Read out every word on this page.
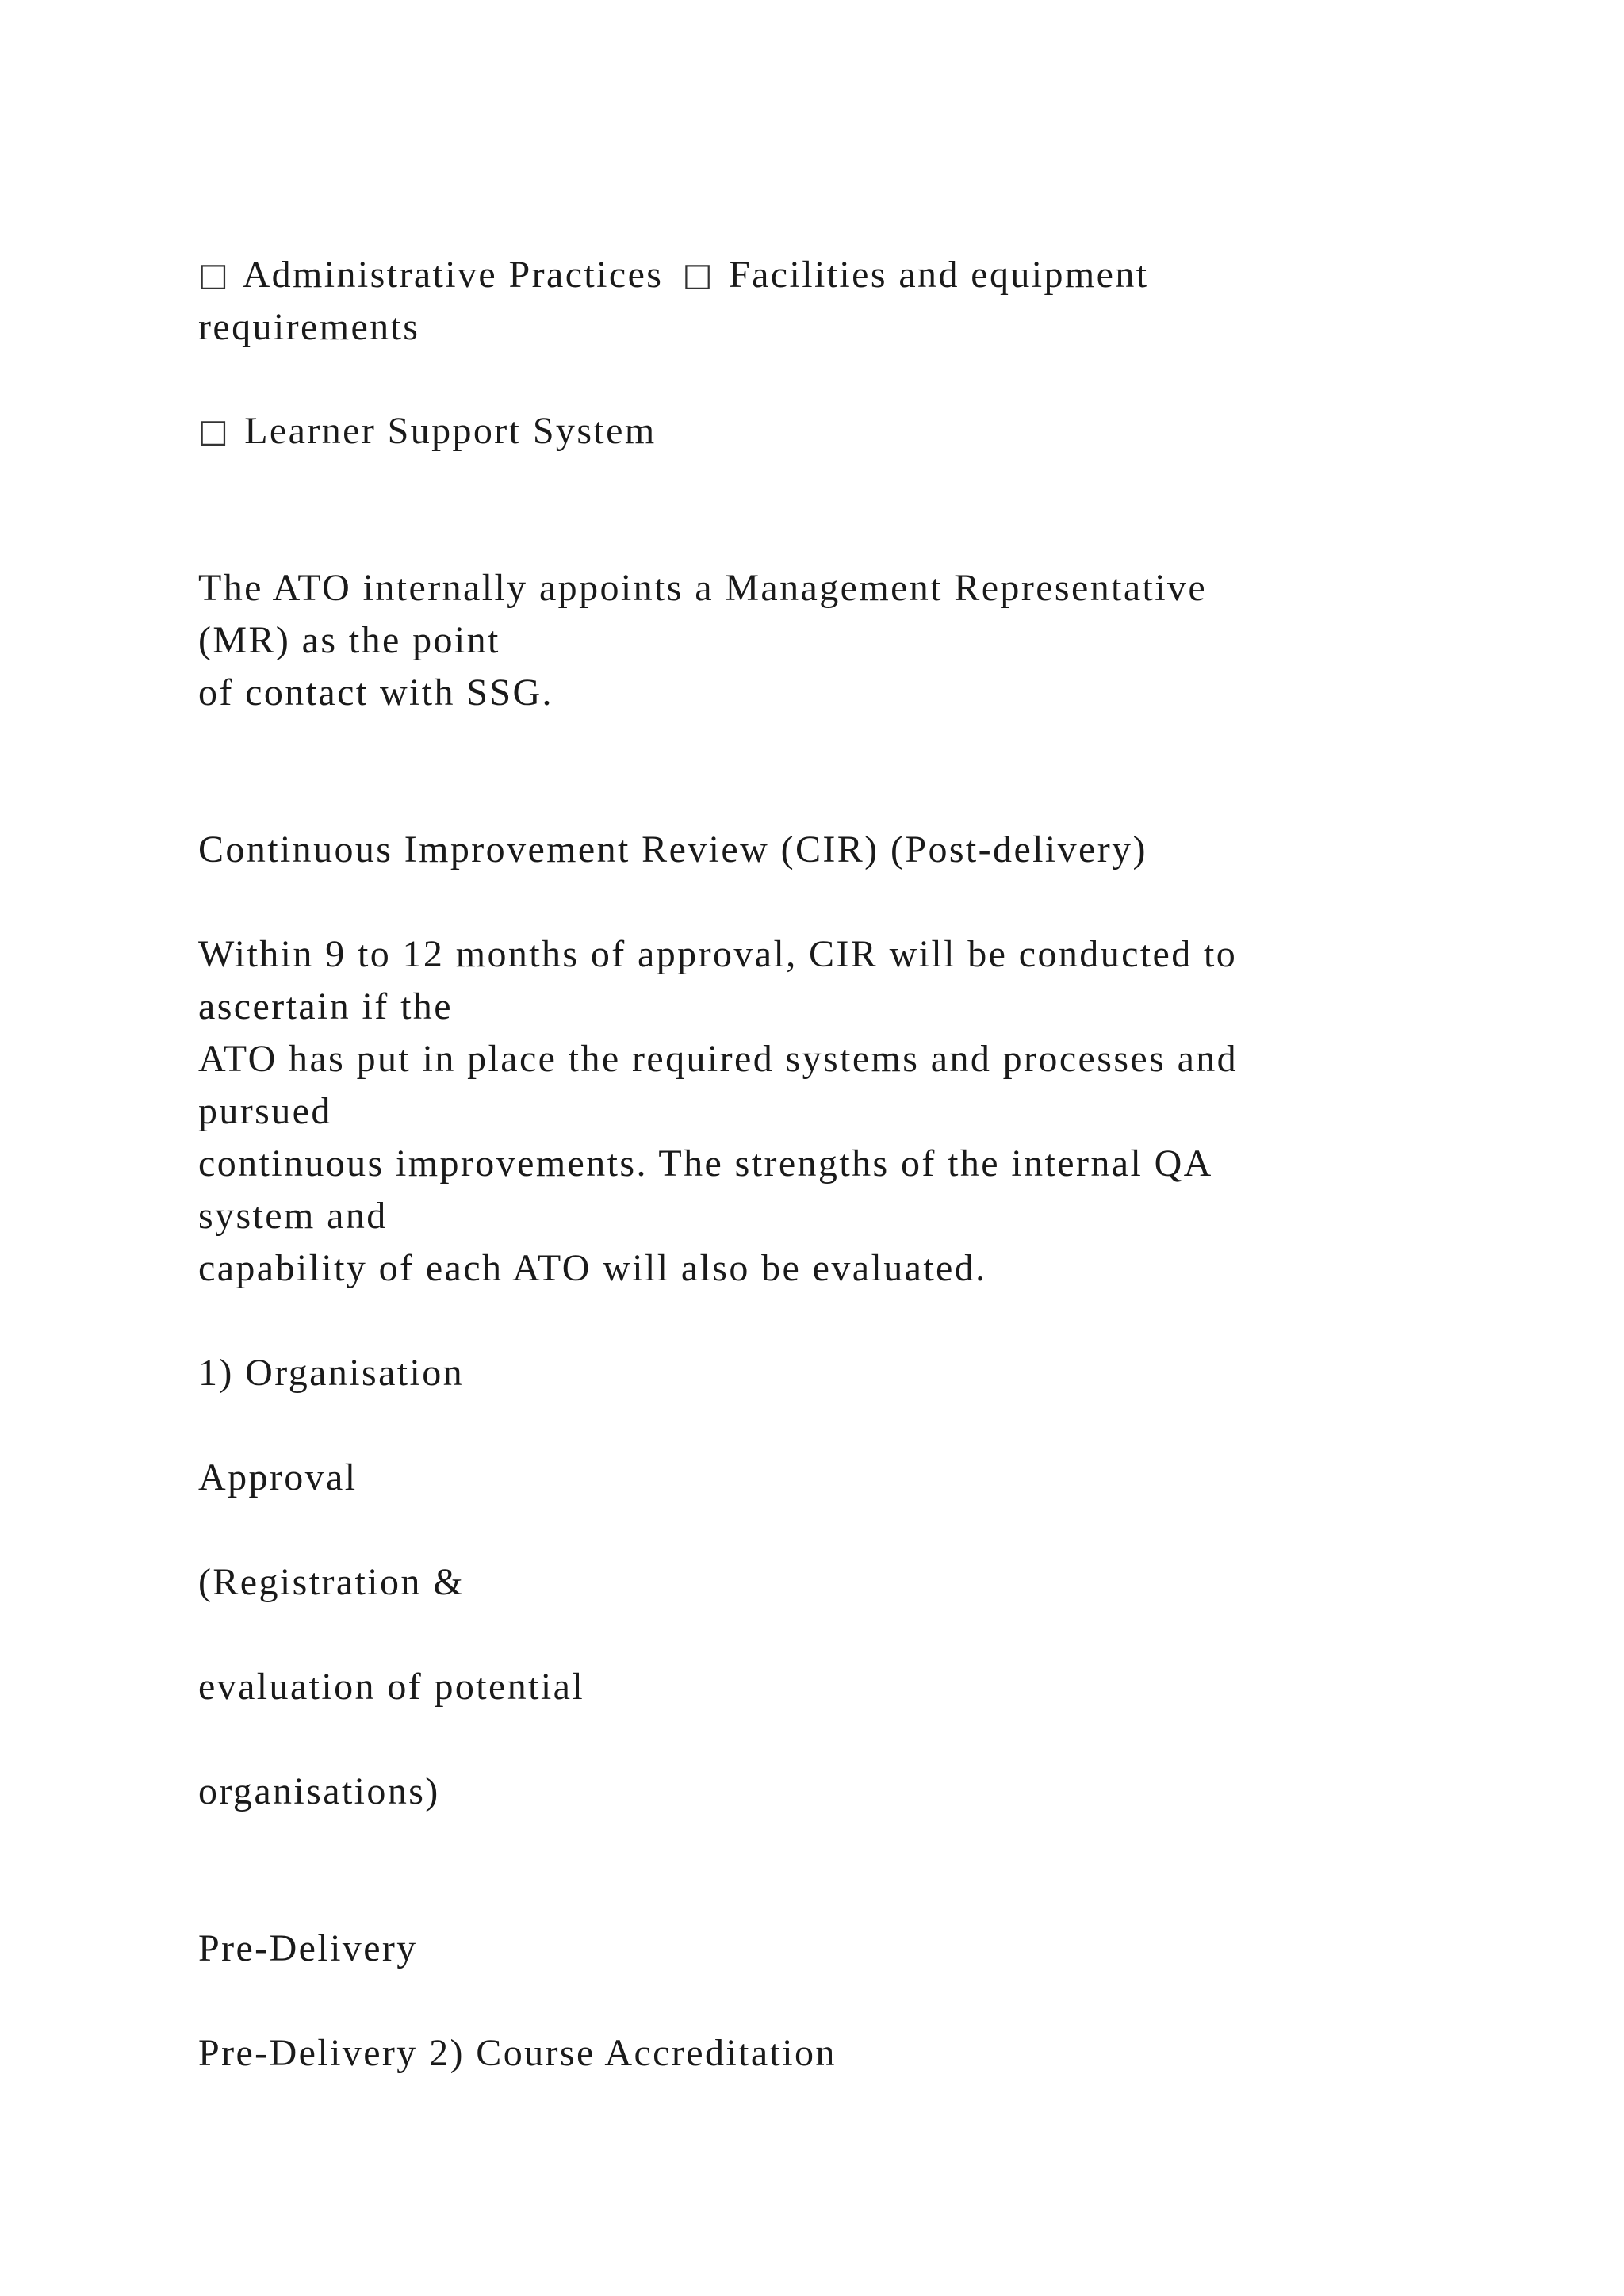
□ Administrative Practices □ Facilities and equipment

requirements

□ Learner Support System

The ATO internally appoints a Management Representative

(MR) as the point

of contact with SSG.

Continuous Improvement Review (CIR) (Post-delivery)

Within 9 to 12 months of approval, CIR will be conducted to

ascertain if the

ATO has put in place the required systems and processes and

pursued

continuous improvements. The strengths of the internal QA

system and

capability of each ATO will also be evaluated.

1) Organisation

Approval

(Registration &

evaluation of potential

organisations)

Pre-Delivery

Pre-Delivery 2) Course Accreditation
